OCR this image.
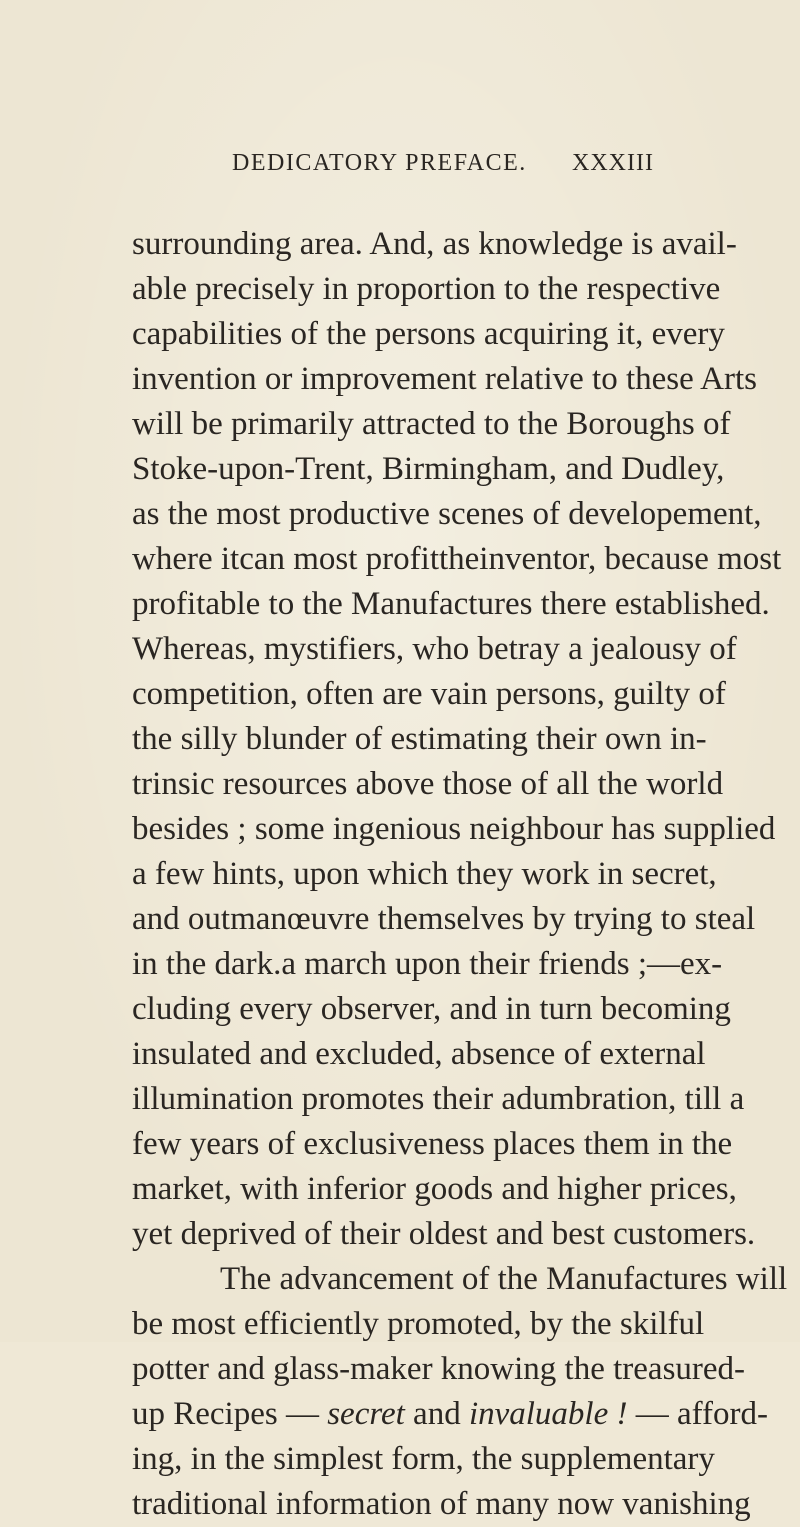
DEDICATORY PREFACE. XXXIII
surrounding area. And, as knowledge is avail-
able precisely in proportion to the respective
capabilities of the persons acquiring it, every
invention or improvement relative to these Arts
will be primarily attracted to the Boroughs of
Stoke-upon-Trent, Birmingham, and Dudley,
as the most productive scenes of developement,
where itcan most profittheinventor, because most
profitable to the Manufactures there established.
Whereas, mystifiers, who betray a jealousy of
competition, often are vain persons, guilty of
the silly blunder of estimating their own in-
trinsic resources above those of all the world
besides ; some ingenious neighbour has supplied
a few hints, upon which they work in secret,
and outmanœuvre themselves by trying to steal
in the dark.a march upon their friends ;—ex-
cluding every observer, and in turn becoming
insulated and excluded, absence of external
illumination promotes their adumbration, till a
few years of exclusiveness places them in the
market, with inferior goods and higher prices,
yet deprived of their oldest and best customers.
The advancement of the Manufactures will
be most efficiently promoted, by the skilful
potter and glass-maker knowing the treasured-
up Recipes — secret and invaluable ! — afford-
ing, in the simplest form, the supplementary
traditional information of many now vanishing
